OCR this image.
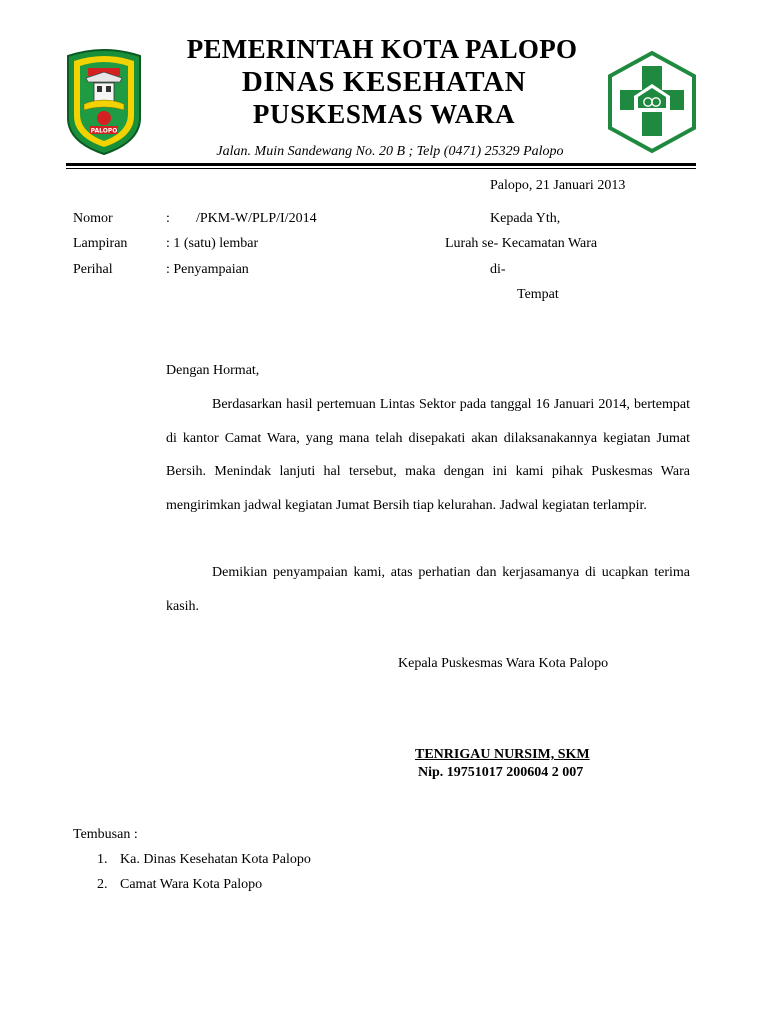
PALOPO
PEMERINTAH KOTA PALOPO
DINAS KESEHATAN
PUSKESMAS WARA
Jalan. Muin Sandewang No. 20 B ; Telp (0471) 25329 Palopo
Palopo, 21 Januari 2013
Nomor	: /PKM-W/PLP/I/2014
Lampiran	: 1 (satu) lembar
Perihal	: Penyampaian
Kepada Yth,
Lurah se- Kecamatan Wara
di-
Tempat
Dengan Hormat,
Berdasarkan hasil pertemuan Lintas Sektor pada tanggal 16 Januari 2014, bertempat di kantor Camat Wara, yang mana telah disepakati akan dilaksanakannya kegiatan Jumat Bersih. Menindak lanjuti hal tersebut, maka dengan ini kami pihak Puskesmas Wara mengirimkan jadwal kegiatan Jumat Bersih tiap kelurahan. Jadwal kegiatan terlampir.
Demikian penyampaian kami, atas perhatian dan kerjasamanya di ucapkan terima kasih.
Kepala Puskesmas Wara Kota Palopo
TENRIGAU NURSIM, SKM
Nip. 19751017 200604 2 007
Tembusan :
1. Ka. Dinas Kesehatan Kota Palopo
2. Camat Wara Kota Palopo
